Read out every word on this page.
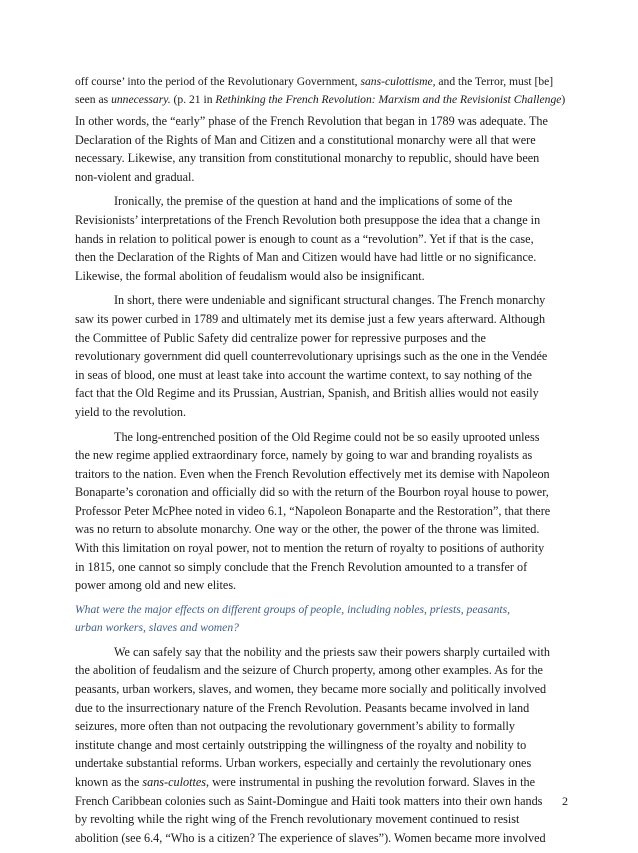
off course’ into the period of the Revolutionary Government, sans-culottisme, and the Terror, must [be]

seen as unnecessary. (p. 21 in Rethinking the French Revolution: Marxism and the Revisionist Challenge)

In other words, the “early” phase of the French Revolution that began in 1789 was adequate. The
Declaration of the Rights of Man and Citizen and a constitutional monarchy were all that were
necessary. Likewise, any transition from constitutional monarchy to republic, should have been
non-violent and gradual.
Ironically, the premise of the question at hand and the implications of some of the
Revisionists’ interpretations of the French Revolution both presuppose the idea that a change in
hands in relation to political power is enough to count as a “revolution”. Yet if that is the case,
then the Declaration of the Rights of Man and Citizen would have had little or no significance.
Likewise, the formal abolition of feudalism would also be insignificant.
In short, there were undeniable and significant structural changes. The French monarchy
saw its power curbed in 1789 and ultimately met its demise just a few years afterward. Although
the Committee of Public Safety did centralize power for repressive purposes and the
revolutionary government did quell counterrevolutionary uprisings such as the one in the Vendée
in seas of blood, one must at least take into account the wartime context, to say nothing of the
fact that the Old Regime and its Prussian, Austrian, Spanish, and British allies would not easily
yield to the revolution.
The long-entrenched position of the Old Regime could not be so easily uprooted unless
the new regime applied extraordinary force, namely by going to war and branding royalists as
traitors to the nation. Even when the French Revolution effectively met its demise with Napoleon
Bonaparte’s coronation and officially did so with the return of the Bourbon royal house to power,
Professor Peter McPhee noted in video 6.1, “Napoleon Bonaparte and the Restoration”, that there
was no return to absolute monarchy. One way or the other, the power of the throne was limited.
With this limitation on royal power, not to mention the return of royalty to positions of authority
in 1815, one cannot so simply conclude that the French Revolution amounted to a transfer of
power among old and new elites.
What were the major effects on different groups of people, including nobles, priests, peasants,
urban workers, slaves and women?
We can safely say that the nobility and the priests saw their powers sharply curtailed with
the abolition of feudalism and the seizure of Church property, among other examples. As for the
peasants, urban workers, slaves, and women, they became more socially and politically involved
due to the insurrectionary nature of the French Revolution. Peasants became involved in land
seizures, more often than not outpacing the revolutionary government’s ability to formally
institute change and most certainly outstripping the willingness of the royalty and nobility to
undertake substantial reforms. Urban workers, especially and certainly the revolutionary ones
known as the sans-culottes, were instrumental in pushing the revolution forward. Slaves in the
French Caribbean colonies such as Saint-Domingue and Haiti took matters into their own hands
by revolting while the right wing of the French revolutionary movement continued to resist
abolition (see 6.4, “Who is a citizen? The experience of slaves”). Women became more involved
2
